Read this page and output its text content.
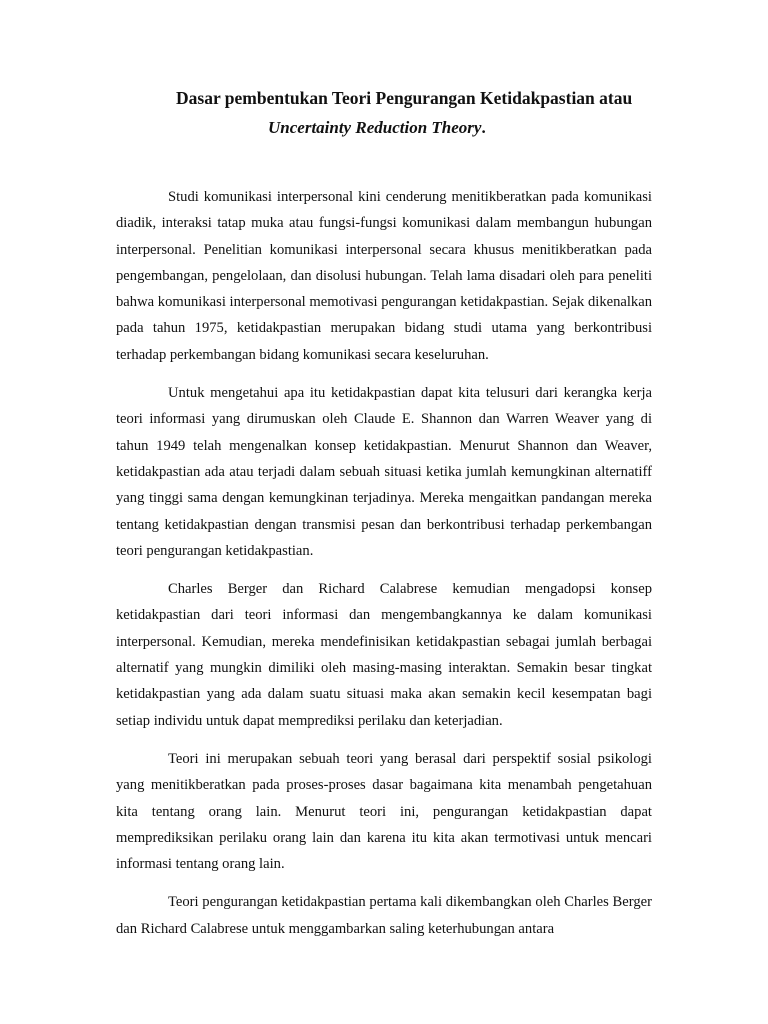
Dasar pembentukan Teori Pengurangan Ketidakpastian atau
Uncertainty Reduction Theory.

Studi komunikasi interpersonal kini cenderung menitikberatkan pada komunikasi diadik, interaksi tatap muka atau fungsi-fungsi komunikasi dalam membangun hubungan interpersonal. Penelitian komunikasi interpersonal secara khusus menitikberatkan pada pengembangan, pengelolaan, dan disolusi hubungan. Telah lama disadari oleh para peneliti bahwa komunikasi interpersonal memotivasi pengurangan ketidakpastian. Sejak dikenalkan pada tahun 1975, ketidakpastian merupakan bidang studi utama yang berkontribusi terhadap perkembangan bidang komunikasi secara keseluruhan.

Untuk mengetahui apa itu ketidakpastian dapat kita telusuri dari kerangka kerja teori informasi yang dirumuskan oleh Claude E. Shannon dan Warren Weaver yang di tahun 1949 telah mengenalkan konsep ketidakpastian. Menurut Shannon dan Weaver, ketidakpastian ada atau terjadi dalam sebuah situasi ketika jumlah kemungkinan alternatiff yang tinggi sama dengan kemungkinan terjadinya. Mereka mengaitkan pandangan mereka tentang ketidakpastian dengan transmisi pesan dan berkontribusi terhadap perkembangan teori pengurangan ketidakpastian.

Charles Berger dan Richard Calabrese kemudian mengadopsi konsep ketidakpastian dari teori informasi dan mengembangkannya ke dalam komunikasi interpersonal. Kemudian, mereka mendefinisikan ketidakpastian sebagai jumlah berbagai alternatif yang mungkin dimiliki oleh masing-masing interaktan. Semakin besar tingkat ketidakpastian yang ada dalam suatu situasi maka akan semakin kecil kesempatan bagi setiap individu untuk dapat memprediksi perilaku dan keterjadian.

Teori ini merupakan sebuah teori yang berasal dari perspektif sosial psikologi yang menitikberatkan pada proses-proses dasar bagaimana kita menambah pengetahuan kita tentang orang lain. Menurut teori ini, pengurangan ketidakpastian dapat memprediksikan perilaku orang lain dan karena itu kita akan termotivasi untuk mencari informasi tentang orang lain.

Teori pengurangan ketidakpastian pertama kali dikembangkan oleh Charles Berger dan Richard Calabrese untuk menggambarkan saling keterhubungan antara
